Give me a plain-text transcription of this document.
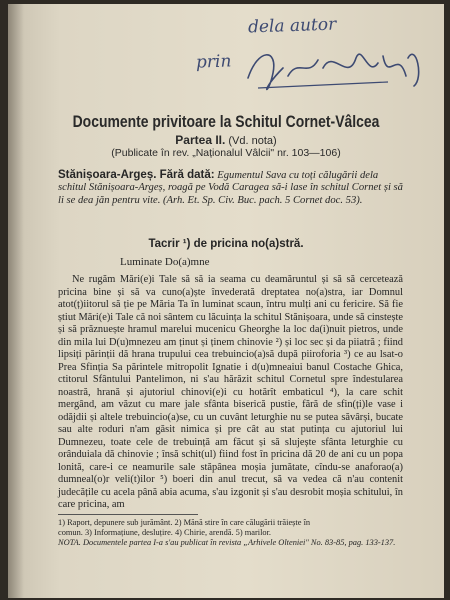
dela autor
prin
Documente privitoare la Schitul Cornet-Vâlcea
Partea II. (Vd. nota)
(Publicate în rev. „Naționalul Vâlcii" nr. 103—106)
Stănișoara-Argeș. Fără dată: Egumentul Sava cu toți călugării dela schitul Stănișoara-Argeș, roagă pe Vodă Caragea să-i lase în schitul Cornet și să li se dea jăn pentru vite. (Arh. Et. Sp. Civ. Buc. pach. 5 Cornet doc. 53).
Tacrir ¹) de pricina no(a)stră.
Luminate Do(a)mne
Ne rugăm Mări(e)i Tale să să ia seama cu deamăruntul și să să cercetează pricina bine și să va cuno(a)ște învederată dreptatea no(a)stra, iar Domnul atot(ț)iitorul să ție pe Măria Ta în luminat scaun, întru mulți ani cu fericire. Să fie știut Mări(e)i Tale că noi sântem cu lăcuința la schitul Stănișoara, unde să cinstește și să prăznuește hramul marelui mucenicu Gheorghe la loc da(i)nuit pietros, unde din mila lui D(u)mnezeu am ținut și ținem chinovie ²) și loc sec și da piiatră ; fiind lipsiți părinții dă hrana trupului cea trebuincio(a)să după piiroforia ³) ce au lsat-o Prea Sfinția Sa părintele mitropolit Ignatie i d(u)mneaiui banul Costache Ghica, ctitorul Sfântului Pantelimon, ni s'au hărăzit schitul Cornetul spre îndestularea noastră, hrană și ajutoriul chinovi(e)i cu hotărît embaticul ⁴), la care schit mergând, am văzut cu mare jale sfânta biserică pustie, fără de sfin(ți)le vase i odăjdii și altele trebuincio(a)se, cu un cuvânt leturghie nu se putea săvârși, bucate sau alte roduri n'am găsit nimica și pre cât au stat putința cu ajutoriul lui Dumnezeu, toate cele de trebuință am făcut și să slujește sfânta leturghie cu orânduiala dă chinovie ; însă schit(ul) fiind fost în pricina dă 20 de ani cu un popa lonită, care-i ce neamurile sale stăpânea moșia jumătate, cîndu-se anaforao(a) dumneal(o)r veli(t)ilor ⁵) boeri din anul trecut, să va vedea că n'au contenit judecățile cu acela până abia acuma, s'au izgonit și s'au desrobit moșia schitului, în care pricina, am
1) Raport, depunere sub jurământ. 2) Mănă stire în care călugării trăiește în
comun. 3) Informațiune, desluțire. 4) Chirie, arendă. 5) marilor.
NOTA. Documentele partea I-a s'au publicat în revista „Arhivele Olteniei" No. 83-85, pag. 133-137.
